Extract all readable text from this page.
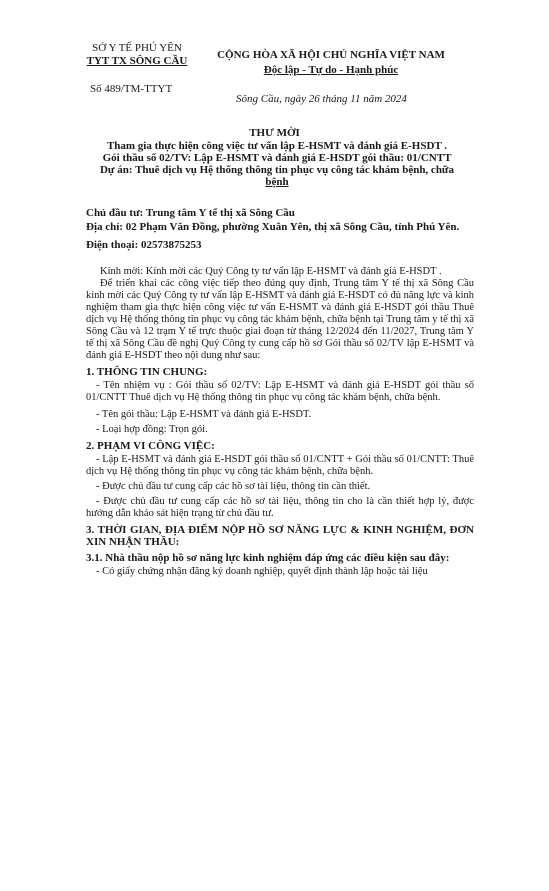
SỞ Y TẾ PHÚ YÊN
TYT TX SÔNG CẦU	CỘNG HÒA XÃ HỘI CHỦ NGHĨA VIỆT NAM
Độc lập - Tự do - Hạnh phúc
Số 489/TM-TTYT
Sông Cầu, ngày 26 tháng 11 năm 2024
THƯ MỜI
Tham gia thực hiện công việc tư vấn lập E-HSMT và đánh giá E-HSDT .
Gói thầu số 02/TV: Lập E-HSMT và đánh giá E-HSDT gói thầu: 01/CNTT
Dự án: Thuê dịch vụ Hệ thống thông tin phục vụ công tác khám bệnh, chữa
bệnh
Chủ đầu tư: Trung tâm Y tế thị xã Sông Cầu
Địa chỉ: 02 Phạm Văn Đồng, phường Xuân Yên, thị xã Sông Cầu, tỉnh Phú Yên.
Điện thoại: 02573875253

Kính mời: Kính mời các Quý Công ty tư vấn lập E-HSMT và đánh giá E-HSDT .

Để triển khai các công việc tiếp theo đúng quy định, Trung tâm Y tế thị xã Sông Cầu kính mời các Quý Công ty tư vấn lập E-HSMT và đánh giá E-HSDT có đủ năng lực và kinh nghiệm tham gia thực hiện công việc tư vấn E-HSMT và đánh giá E-HSDT gói thầu Thuê dịch vụ Hệ thống thông tin phục vụ công tác khám bệnh, chữa bệnh tại Trung tâm y tế thị xã Sông Cầu và 12 trạm Y tế trực thuộc giai đoạn từ tháng 12/2024 đến 11/2027, Trung tâm Y tế thị xã Sông Cầu đề nghị Quý Công ty cung cấp hồ sơ Gói thầu số 02/TV lập E-HSMT và đánh giá E-HSDT theo nội dung như sau:

1. THÔNG TIN CHUNG:

- Tên nhiệm vụ : Gói thầu số 02/TV: Lập E-HSMT và đánh giá E-HSDT gói thầu số 01/CNTT Thuê dịch vụ Hệ thống thông tin phục vụ công tác khám bệnh, chữa bệnh.

- Tên gói thầu: Lập E-HSMT và đánh giá E-HSDT.

- Loại hợp đồng: Trọn gói.

2. PHẠM VI CÔNG VIỆC:

- Lập E-HSMT và đánh giá E-HSDT gói thầu số 01/CNTT + Gói thầu số 01/CNTT: Thuê dịch vụ Hệ thống thông tin phục vụ công tác khám bệnh, chữa bệnh.

- Được chủ đầu tư cung cấp các hồ sơ tài liệu, thông tin cần thiết.

- Được chủ đầu tư cung cấp các hồ sơ tài liệu, thông tin cho là cần thiết hợp lý, được hướng dẫn khảo sát hiện trạng từ chủ đầu tư.

3. THỜI GIAN, ĐỊA ĐIỂM NỘP HỒ SƠ NĂNG LỰC & KINH NGHIỆM, ĐƠN XIN NHẬN THẦU:

3.1. Nhà thầu nộp hồ sơ năng lực kinh nghiệm đáp ứng các điều kiện sau đây:

- Có giấy chứng nhận đăng ký doanh nghiệp, quyết định thành lập hoặc tài liệu
